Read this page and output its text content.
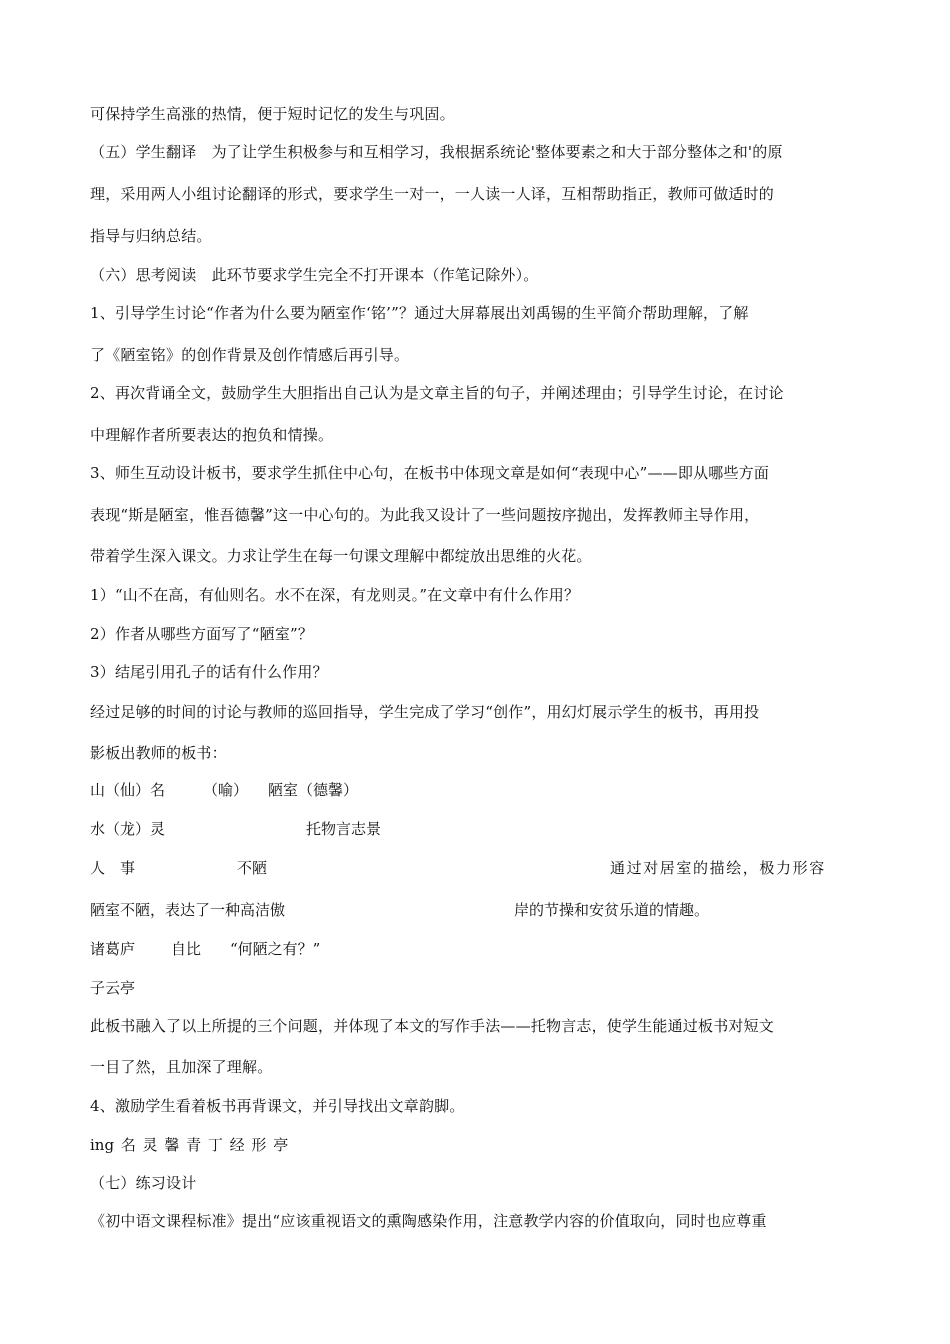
可保持学生高涨的热情，便于短时记忆的发生与巩固。
（五）学生翻译　为了让学生积极参与和互相学习，我根据系统论'整体要素之和大于部分整体之和'的原
理，采用两人小组讨论翻译的形式，要求学生一对一，一人读一人译，互相帮助指正，教师可做适时的
指导与归纳总结。
（六）思考阅读　此环节要求学生完全不打开课本（作笔记除外）。
1、引导学生讨论“作者为什么要为陋室作‘铭’”？通过大屏幕展出刘禹锡的生平简介帮助理解，了解
了《陋室铭》的创作背景及创作情感后再引导。
2、再次背诵全文，鼓励学生大胆指出自己认为是文章主旨的句子，并阐述理由；引导学生讨论，在讨论
中理解作者所要表达的抱负和情操。
3、师生互动设计板书，要求学生抓住中心句，在板书中体现文章是如何“表现中心”——即从哪些方面
表现“斯是陋室，惟吾德馨”这一中心句的。为此我又设计了一些问题按序抛出，发挥教师主导作用，
带着学生深入课文。力求让学生在每一句课文理解中都绽放出思维的火花。
1）“山不在高，有仙则名。水不在深，有龙则灵。”在文章中有什么作用？
2）作者从哪些方面写了“陋室”？
3）结尾引用孔子的话有什么作用？
经过足够的时间的讨论与教师的巡回指导，学生完成了学习“创作”，用幻灯展示学生的板书，再用投
影板出教师的板书：
山（仙）名	（喻） 陋室（德馨）
水（龙）灵	托物言志景
人　事	不陋	通过对居室的描绘，极力形容
陋室不陋，表达了一种高洁傲	岸的节操和安贫乐道的情趣。
诸葛庐 自比 “何陋之有？”
子云亭
此板书融入了以上所提的三个问题，并体现了本文的写作手法——托物言志，使学生能通过板书对短文
一目了然，且加深了理解。
4、激励学生看着板书再背课文，并引导找出文章韵脚。
ing 名 灵 馨 青 丁 经 形 亭
（七）练习设计
《初中语文课程标准》提出“应该重视语文的熏陶感染作用，注意教学内容的价值取向，同时也应尊重
